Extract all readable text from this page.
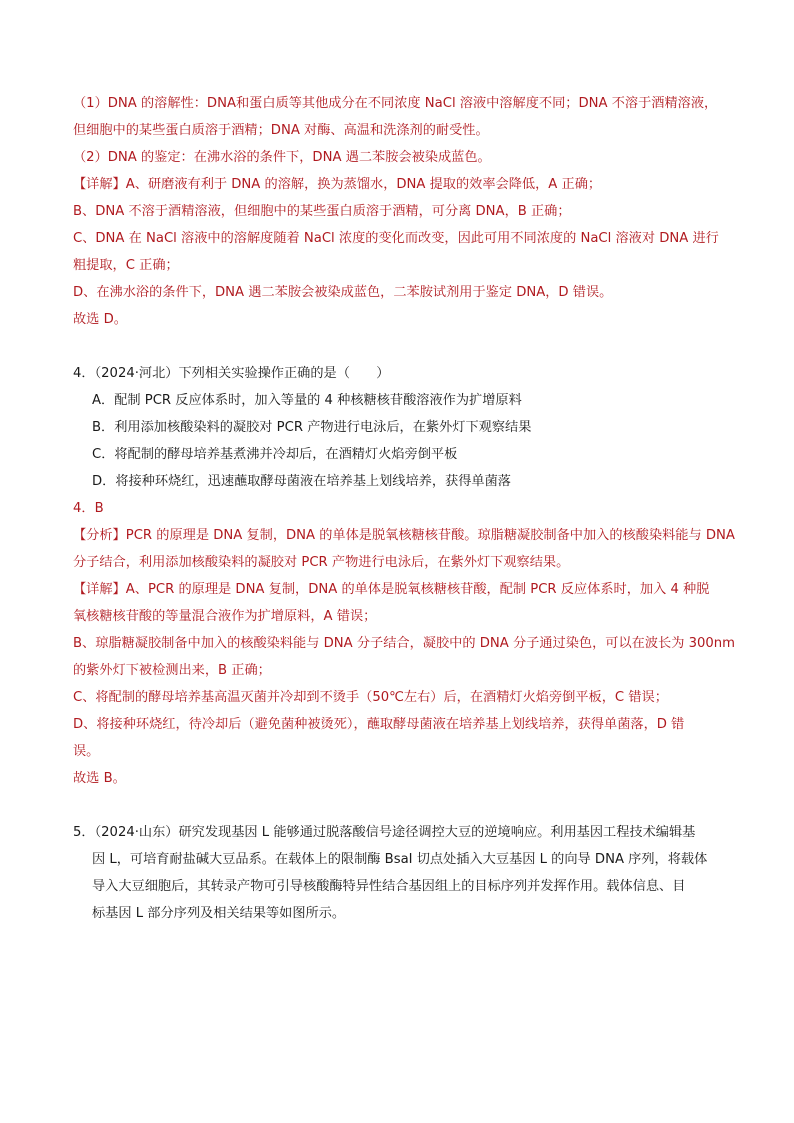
（1）DNA 的溶解性：DNA和蛋白质等其他成分在不同浓度 NaCl 溶液中溶解度不同；DNA 不溶于酒精溶液，
但细胞中的某些蛋白质溶于酒精；DNA 对酶、高温和洗涤剂的耐受性。
（2）DNA 的鉴定：在沸水浴的条件下，DNA 遇二苯胺会被染成蓝色。
【详解】A、研磨液有利于 DNA 的溶解，换为蒸馏水，DNA 提取的效率会降低，A 正确；
B、DNA 不溶于酒精溶液，但细胞中的某些蛋白质溶于酒精，可分离 DNA，B 正确；
C、DNA 在 NaCl 溶液中的溶解度随着 NaCl 浓度的变化而改变，因此可用不同浓度的 NaCl 溶液对 DNA 进行
粗提取，C 正确；
D、在沸水浴的条件下，DNA 遇二苯胺会被染成蓝色，二苯胺试剂用于鉴定 DNA，D 错误。
故选 D。
4．（2024·河北）下列相关实验操作正确的是（　　）
A．配制 PCR 反应体系时，加入等量的 4 种核糖核苷酸溶液作为扩增原料
B．利用添加核酸染料的凝胶对 PCR 产物进行电泳后，在紫外灯下观察结果
C．将配制的酵母培养基煮沸并冷却后，在酒精灯火焰旁倒平板
D．将接种环烧红，迅速蘸取酵母菌液在培养基上划线培养，获得单菌落
4．B
【分析】PCR 的原理是 DNA 复制，DNA 的单体是脱氧核糖核苷酸。琼脂糖凝胶制备中加入的核酸染料能与 DNA
分子结合，利用添加核酸染料的凝胶对 PCR 产物进行电泳后，在紫外灯下观察结果。
【详解】A、PCR 的原理是 DNA 复制，DNA 的单体是脱氧核糖核苷酸，配制 PCR 反应体系时，加入 4 种脱
氧核糖核苷酸的等量混合液作为扩增原料，A 错误；
B、琼脂糖凝胶制备中加入的核酸染料能与 DNA 分子结合，凝胶中的 DNA 分子通过染色，可以在波长为 300nm
的紫外灯下被检测出来，B 正确；
C、将配制的酵母培养基高温灭菌并冷却到不烫手（50℃左右）后，在酒精灯火焰旁倒平板，C 错误；
D、将接种环烧红，待冷却后（避免菌种被烫死），蘸取酵母菌液在培养基上划线培养，获得单菌落，D 错
误。
故选 B。
5．（2024·山东）研究发现基因 L 能够通过脱落酸信号途径调控大豆的逆境响应。利用基因工程技术编辑基
因 L，可培育耐盐碱大豆品系。在载体上的限制酶 BsaI 切点处插入大豆基因 L 的向导 DNA 序列，将载体
导入大豆细胞后，其转录产物可引导核酸酶特异性结合基因组上的目标序列并发挥作用。载体信息、目
标基因 L 部分序列及相关结果等如图所示。
